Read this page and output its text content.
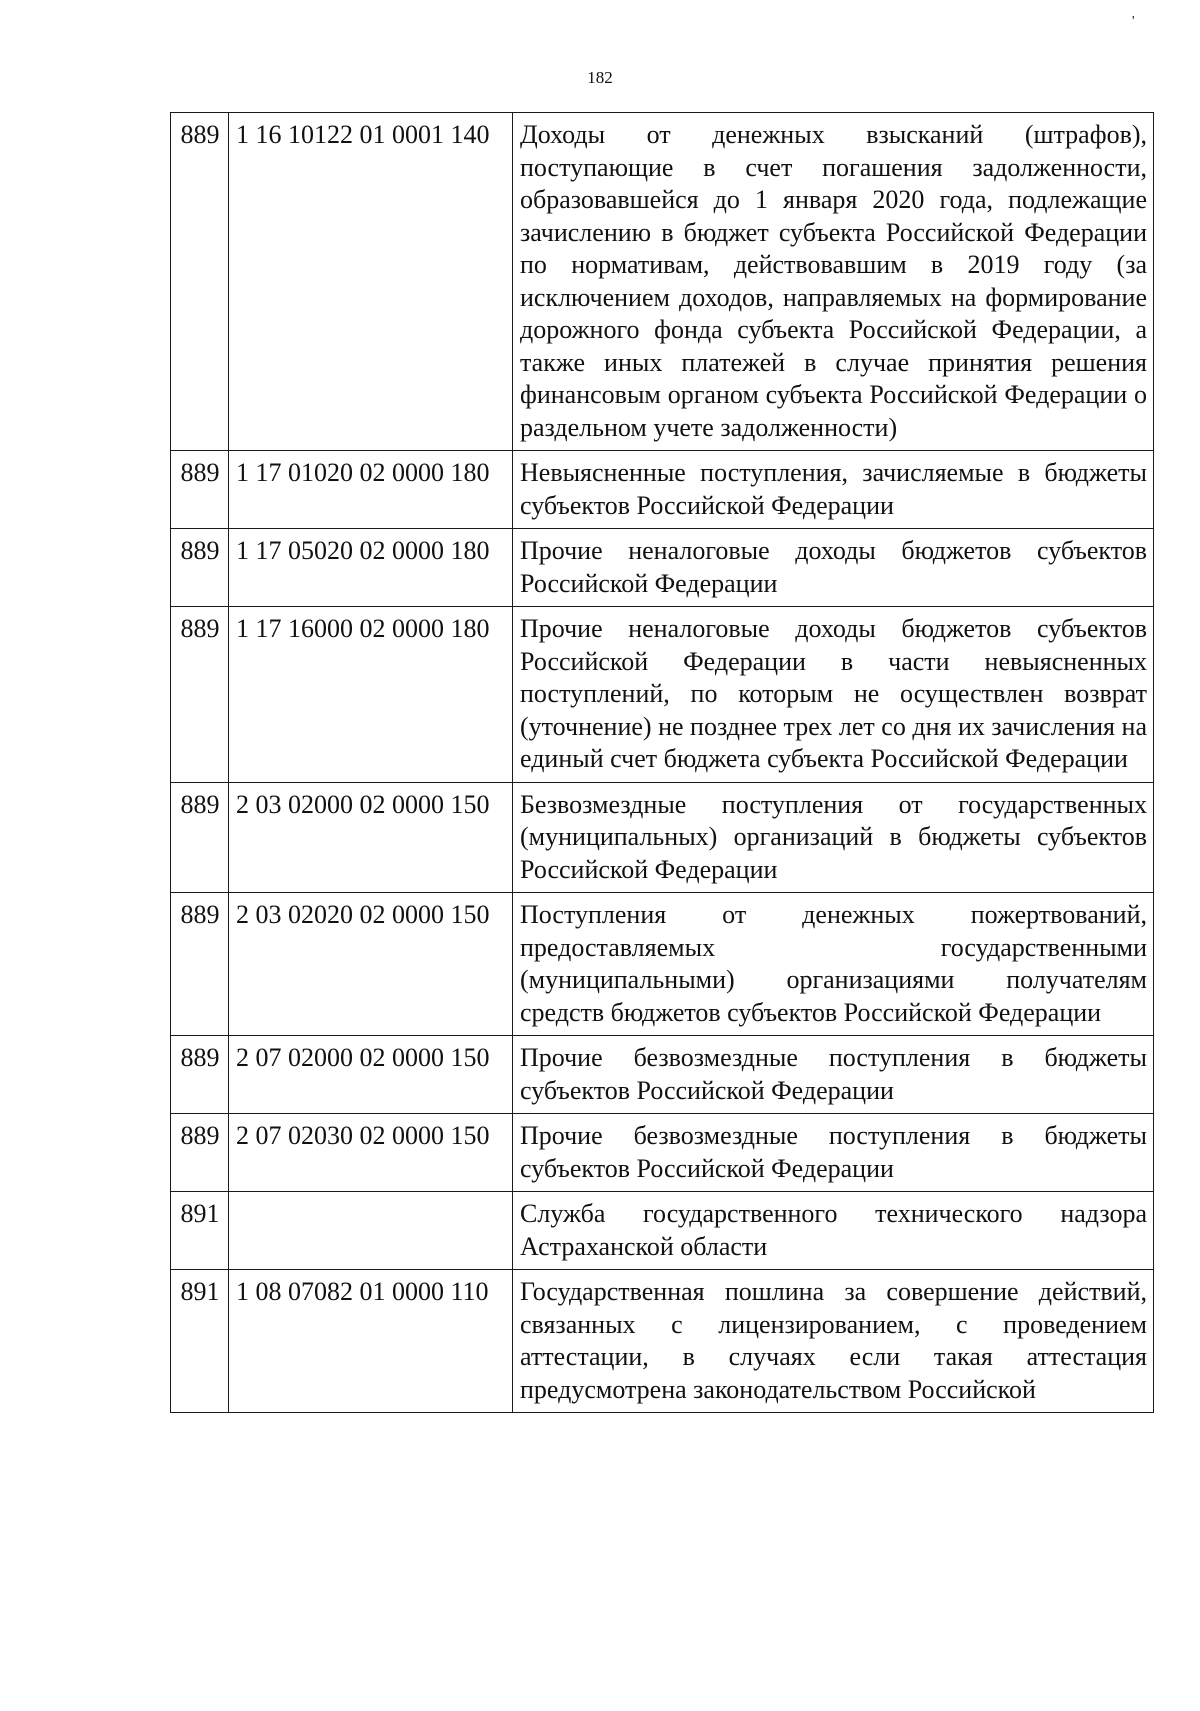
'
182
889	1 16 10122 01 0001 140	Доходы от денежных взысканий (штрафов), поступающие в счет погашения задолженности, образовавшейся до 1 января 2020 года, подлежащие зачислению в бюджет субъекта Российской Федерации по нормативам, действовавшим в 2019 году (за исключением доходов, направляемых на формирование дорожного фонда субъекта Российской Федерации, а также иных платежей в случае принятия решения финансовым органом субъекта Российской Федерации о раздельном учете задолженности)
889	1 17 01020 02 0000 180	Невыясненные поступления, зачисляемые в бюджеты субъектов Российской Федерации
889	1 17 05020 02 0000 180	Прочие неналоговые доходы бюджетов субъектов Российской Федерации
889	1 17 16000 02 0000 180	Прочие неналоговые доходы бюджетов субъектов Российской Федерации в части невыясненных поступлений, по которым не осуществлен возврат (уточнение) не позднее трех лет со дня их зачисления на единый счет бюджета субъекта Российской Федерации
889	2 03 02000 02 0000 150	Безвозмездные поступления от государственных (муниципальных) организаций в бюджеты субъектов Российской Федерации
889	2 03 02020 02 0000 150	Поступления от денежных пожертвований, предоставляемых государственными (муниципальными) организациями получателям средств бюджетов субъектов Российской Федерации
889	2 07 02000 02 0000 150	Прочие безвозмездные поступления в бюджеты субъектов Российской Федерации
889	2 07 02030 02 0000 150	Прочие безвозмездные поступления в бюджеты субъектов Российской Федерации
891		Служба государственного технического надзора Астраханской области
891	1 08 07082 01 0000 110	Государственная пошлина за совершение действий, связанных с лицензированием, с проведением аттестации, в случаях если такая аттестация предусмотрена законодательством Российской
